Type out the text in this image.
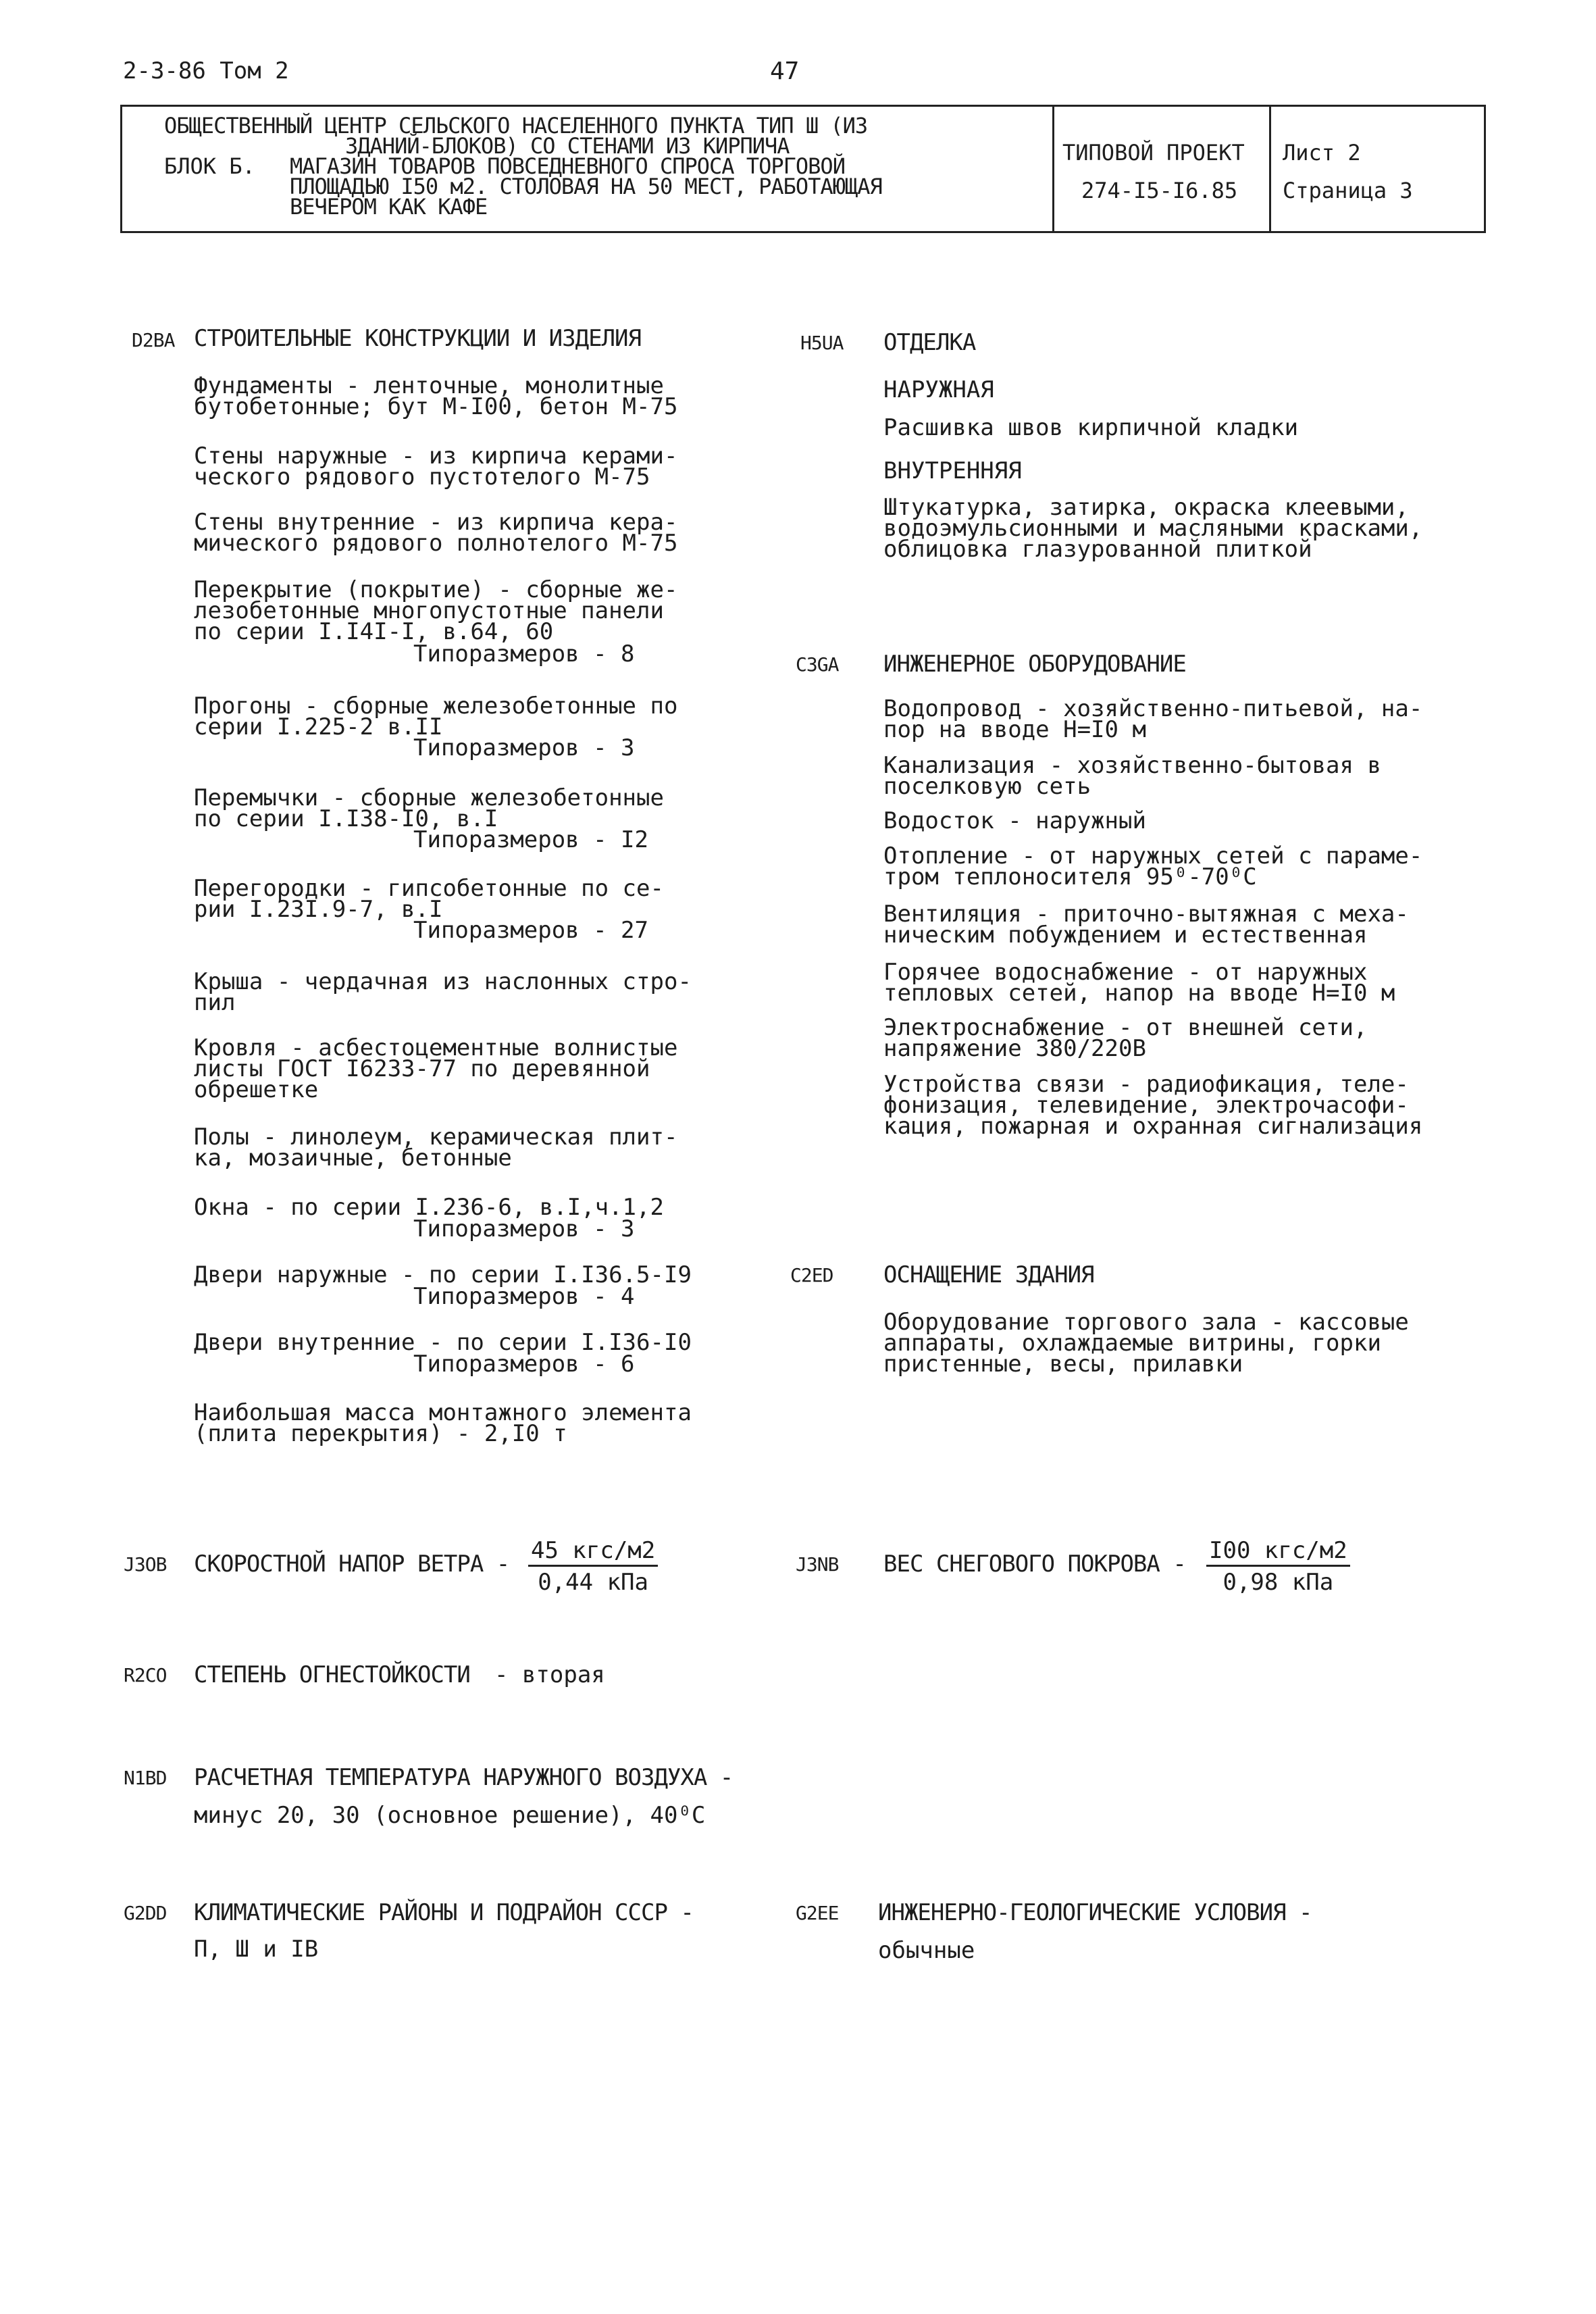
2-3-86 Том 2	47
ОБЩЕСТВЕННЫЙ ЦЕНТР СЕЛЬСКОГО НАСЕЛЕННОГО ПУНКТА ТИП Ш (ИЗ
ЗДАНИЙ-БЛОКОВ) СО СТЕНАМИ ИЗ КИРПИЧА
БЛОК Б. МАГАЗИН ТОВАРОВ ПОВСЕДНЕВНОГО СПРОСА ТОРГОВОЙ
ПЛОЩАДЬЮ I50 м2. СТОЛОВАЯ НА 50 МЕСТ, РАБОТАЮЩАЯ
ВЕЧЕРОМ КАК КАФЕ
ТИПОВОЙ ПРОЕКТ
274-I5-I6.85
Лист 2
Страница 3
D2BA СТРОИТЕЛЬНЫЕ КОНСТРУКЦИИ И ИЗДЕЛИЯ
Фундаменты - ленточные, монолитные
бутобетонные; бут М-I00, бетон М-75
Стены наружные - из кирпича керами-
ческого рядового пустотелого М-75
Стены внутренние - из кирпича кера-
мического рядового полнотелого М-75
Перекрытие (покрытие) - сборные же-
лезобетонные многопустотные панели
по серии I.I4I-I, в.64, 60
Типоразмеров - 8
Прогоны - сборные железобетонные по
серии I.225-2 в.II
Типоразмеров - 3
Перемычки - сборные железобетонные
по серии I.I38-I0, в.I
Типоразмеров - I2
Перегородки - гипсобетонные по се-
рии I.23I.9-7, в.I
Типоразмеров - 27
Крыша - чердачная из наслонных стро-
пил
Кровля - асбестоцементные волнистые
листы ГОСТ I6233-77 по деревянной
обрешетке
Полы - линолеум, керамическая плит-
ка, мозаичные, бетонные
Окна - по серии I.236-6, в.I,ч.1,2
Типоразмеров - 3
Двери наружные - по серии I.I36.5-I9
Типоразмеров - 4
Двери внутренние - по серии I.I36-I0
Типоразмеров - 6
Наибольшая масса монтажного элемента
(плита перекрытия) - 2,I0 т
H5UA ОТДЕЛКА
НАРУЖНАЯ
Расшивка швов кирпичной кладки
ВНУТРЕННЯЯ
Штукатурка, затирка, окраска клеевыми,
водоэмульсионными и масляными красками,
облицовка глазурованной плиткой
C3GA ИНЖЕНЕРНОЕ ОБОРУДОВАНИЕ
Водопровод - хозяйственно-питьевой, на-
пор на вводе Н=I0 м
Канализация - хозяйственно-бытовая в
поселковую сеть
Водосток - наружный
Отопление - от наружных сетей с параме-
тром теплоносителя 95⁰-70⁰С
Вентиляция - приточно-вытяжная с меха-
ническим побуждением и естественная
Горячее водоснабжение - от наружных
тепловых сетей, напор на вводе Н=I0 м
Электроснабжение - от внешней сети,
напряжение 380/220В
Устройства связи - радиофикация, теле-
фонизация, телевидение, электрочасофи-
кация, пожарная и охранная сигнализация
C2ED ОСНАЩЕНИЕ ЗДАНИЯ
Оборудование торгового зала - кассовые
аппараты, охлаждаемые витрины, горки
пристенные, весы, прилавки
J3OB СКОРОСТНОЙ НАПОР ВЕТРА - 45 кгс/м2
0,44 кПа
J3NB ВЕС СНЕГОВОГО ПОКРОВА - I00 кгс/м2
0,98 кПа
R2CO СТЕПЕНЬ ОГНЕСТОЙКОСТИ - вторая
N1BD РАСЧЕТНАЯ ТЕМПЕРАТУРА НАРУЖНОГО ВОЗДУХА -
минус 20, 30 (основное решение), 40⁰С
G2DD КЛИМАТИЧЕСКИЕ РАЙОНЫ И ПОДРАЙОН СССР -
П, Ш и IВ
G2EE ИНЖЕНЕРНО-ГЕОЛОГИЧЕСКИЕ УСЛОВИЯ -
обычные
